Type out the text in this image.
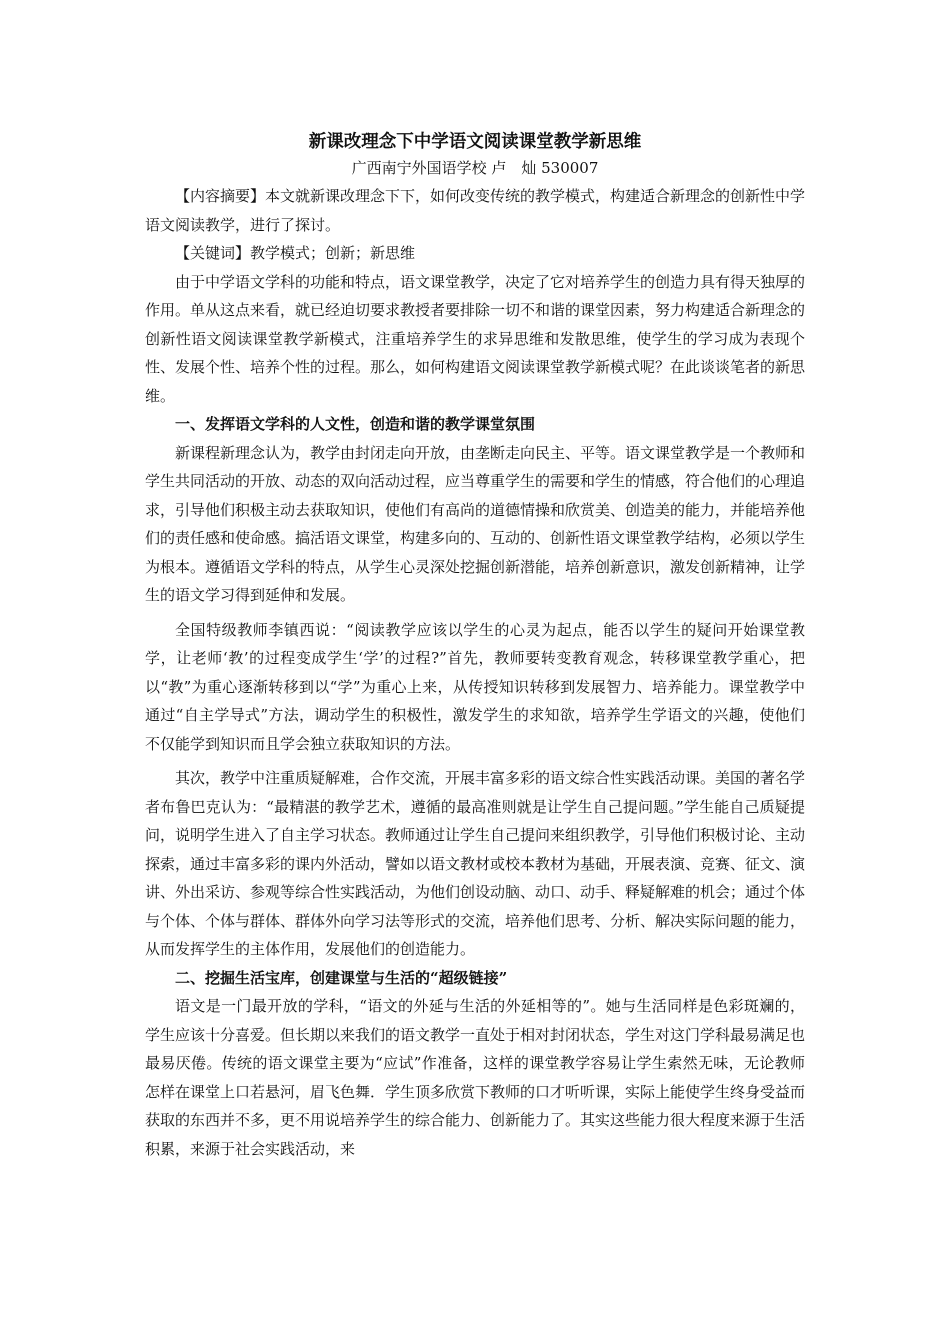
新课改理念下中学语文阅读课堂教学新思维

广西南宁外国语学校 卢　灿 530007

【内容摘要】本文就新课改理念下下，如何改变传统的教学模式，构建适合新理念的创新性中学语文阅读教学，进行了探讨。

【关键词】教学模式；创新；新思维

由于中学语文学科的功能和特点，语文课堂教学，决定了它对培养学生的创造力具有得天独厚的作用。单从这点来看，就已经迫切要求教授者要排除一切不和谐的课堂因素，努力构建适合新理念的创新性语文阅读课堂教学新模式，注重培养学生的求异思维和发散思维，使学生的学习成为表现个性、发展个性、培养个性的过程。那么，如何构建语文阅读课堂教学新模式呢？在此谈谈笔者的新思维。

一、发挥语文学科的人文性，创造和谐的教学课堂氛围

新课程新理念认为，教学由封闭走向开放，由垄断走向民主、平等。语文课堂教学是一个教师和学生共同活动的开放、动态的双向活动过程，应当尊重学生的需要和学生的情感，符合他们的心理追求，引导他们积极主动去获取知识，使他们有高尚的道德情操和欣赏美、创造美的能力，并能培养他们的责任感和使命感。搞活语文课堂，构建多向的、互动的、创新性语文课堂教学结构，必须以学生为根本。遵循语文学科的特点，从学生心灵深处挖掘创新潜能，培养创新意识，激发创新精神，让学生的语文学习得到延伸和发展。

全国特级教师李镇西说：“阅读教学应该以学生的心灵为起点，能否以学生的疑问开始课堂教学，让老师‘教’的过程变成学生‘学’的过程?”首先，教师要转变教育观念，转移课堂教学重心，把以“教”为重心逐渐转移到以“学”为重心上来，从传授知识转移到发展智力、培养能力。课堂教学中通过“自主学导式”方法，调动学生的积极性，激发学生的求知欲，培养学生学语文的兴趣，使他们不仅能学到知识而且学会独立获取知识的方法。

其次，教学中注重质疑解难，合作交流，开展丰富多彩的语文综合性实践活动课。美国的著名学者布鲁巴克认为：“最精湛的教学艺术，遵循的最高准则就是让学生自己提问题。”学生能自己质疑提问，说明学生进入了自主学习状态。教师通过让学生自己提问来组织教学，引导他们积极讨论、主动探索，通过丰富多彩的课内外活动，譬如以语文教材或校本教材为基础，开展表演、竞赛、征文、演讲、外出采访、参观等综合性实践活动，为他们创设动脑、动口、动手、释疑解难的机会；通过个体与个体、个体与群体、群体外向学习法等形式的交流，培养他们思考、分析、解决实际问题的能力，从而发挥学生的主体作用，发展他们的创造能力。

二、挖掘生活宝库，创建课堂与生活的“超级链接”

语文是一门最开放的学科，“语文的外延与生活的外延相等的”。她与生活同样是色彩斑斓的，学生应该十分喜爱。但长期以来我们的语文教学一直处于相对封闭状态，学生对这门学科最易满足也最易厌倦。传统的语文课堂主要为“应试”作准备，这样的课堂教学容易让学生索然无味，无论教师怎样在课堂上口若悬河，眉飞色舞．学生顶多欣赏下教师的口才听听课，实际上能使学生终身受益而获取的东西并不多，更不用说培养学生的综合能力、创新能力了。其实这些能力很大程度来源于生活积累，来源于社会实践活动，来
